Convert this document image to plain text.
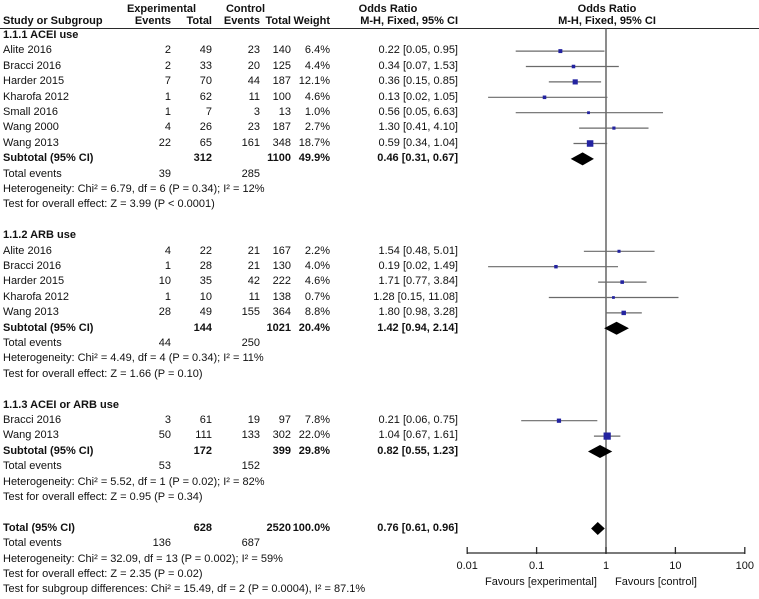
Experimental	Control	Odds Ratio	Odds Ratio
Study or Subgroup	Events	Total	Events Total Weight	M-H, Fixed, 95% CI	M-H, Fixed, 95% CI
1.1.1 ACEI use
Alite 2016	2	49	23	140	6.4%	0.22 [0.05, 0.95]
Bracci 2016	2	33	20	125	4.4%	0.34 [0.07, 1.53]
Harder 2015	7	70	44	187 12.1%	0.36 [0.15, 0.85]
Kharofa 2012	1	62	11	100	4.6%	0.13 [0.02, 1.05]
Small 2016	1	7	3	13	1.0%	0.56 [0.05, 6.63]
Wang 2000	4	26	23	187	2.7%	1.30 [0.41, 4.10]
Wang 2013	22	65	161	348 18.7%	0.59 [0.34, 1.04]
Subtotal (95% CI)	312	1100 49.9%	0.46 [0.31, 0.67]
Total events	39	285
Heterogeneity: Chi² = 6.79, df = 6 (P = 0.34); I² = 12%
Test for overall effect: Z = 3.99 (P < 0.0001)
1.1.2 ARB use
Alite 2016	4	22	21	167	2.2%	1.54 [0.48, 5.01]
Bracci 2016	1	28	21	130	4.0%	0.19 [0.02, 1.49]
Harder 2015	10	35	42	222	4.6%	1.71 [0.77, 3.84]
Kharofa 2012	1	10	11	138	0.7%	1.28 [0.15, 11.08]
Wang 2013	28	49	155	364	8.8%	1.80 [0.98, 3.28]
Subtotal (95% CI)	144	1021 20.4%	1.42 [0.94, 2.14]
Total events	44	250
Heterogeneity: Chi² = 4.49, df = 4 (P = 0.34); I² = 11%
Test for overall effect: Z = 1.66 (P = 0.10)
1.1.3 ACEI or ARB use
Bracci 2016	3	61	19	97	7.8%	0.21 [0.06, 0.75]
Wang 2013	50	111	133	302 22.0%	1.04 [0.67, 1.61]
Subtotal (95% CI)	172	399 29.8%	0.82 [0.55, 1.23]
Total events	53	152
Heterogeneity: Chi² = 5.52, df = 1 (P = 0.02); I² = 82%
Test for overall effect: Z = 0.95 (P = 0.34)
Total (95% CI)	628	2520 100.0%	0.76 [0.61, 0.96]
Total events	136	687
Heterogeneity: Chi² = 32.09, df = 13 (P = 0.002); I² = 59%
Test for overall effect: Z = 2.35 (P = 0.02)
Test for subgroup differences: Chi² = 15.49, df = 2 (P = 0.0004), I² = 87.1%
0.01	0.1	1	10	100
Favours [experimental] Favours [control]
